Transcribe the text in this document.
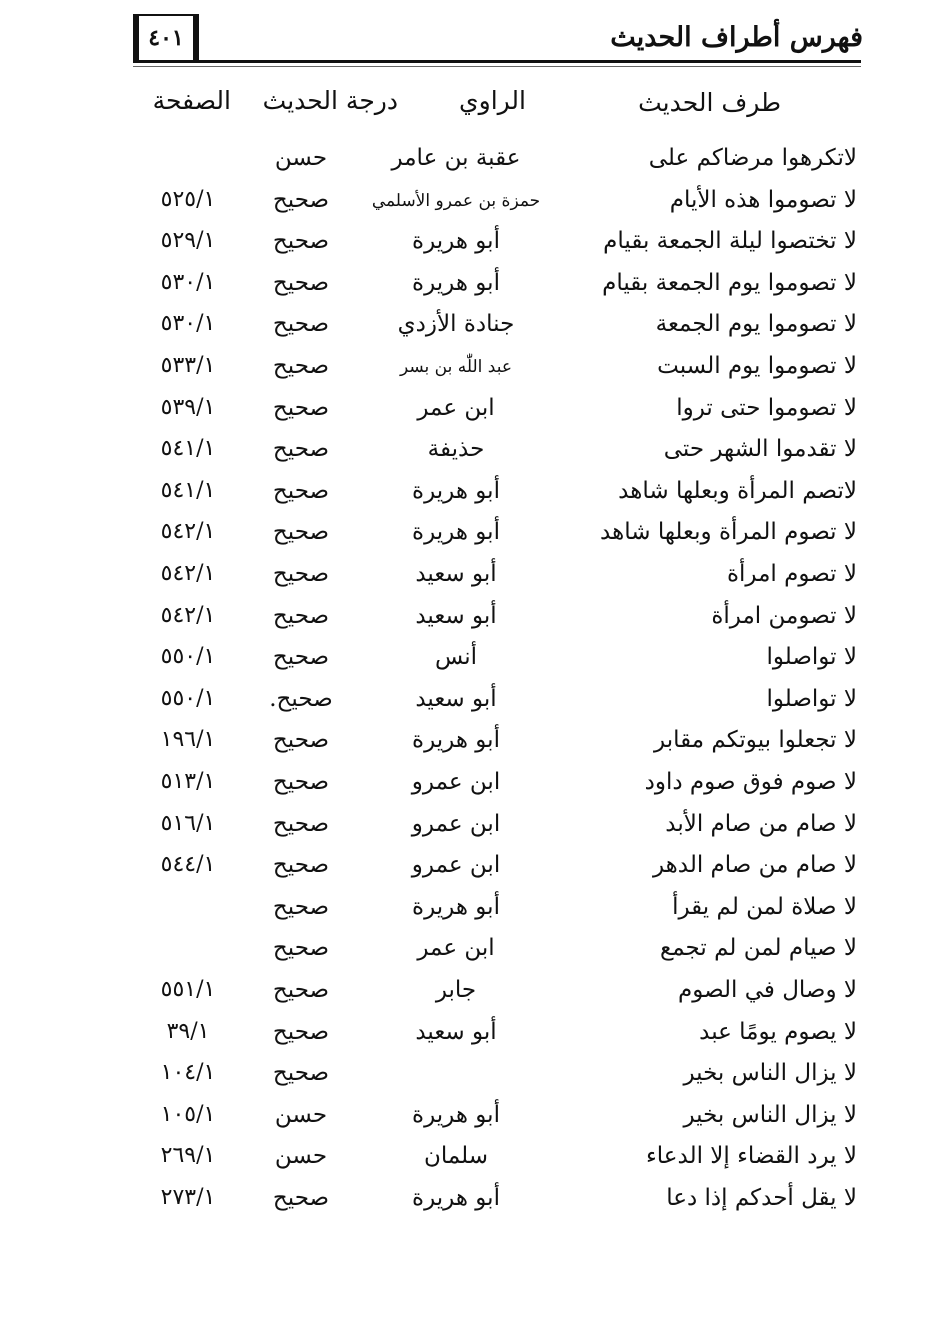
فهرس أطراف الحديث
٤٠١
طرف الحديث
الراوي
درجة الحديث
الصفحة
لاتكرهوا مرضاكم على
عقبة بن عامر
حسن
لا تصوموا هذه الأيام
حمزة بن عمرو الأسلمي
صحيح
٥٢٥/١
لا تختصوا ليلة الجمعة بقيام
أبو هريرة
صحيح
٥٢٩/١
لا تصوموا يوم الجمعة بقيام
أبو هريرة
صحيح
٥٣٠/١
لا تصوموا يوم الجمعة
جنادة الأزدي
صحيح
٥٣٠/١
لا تصوموا يوم السبت
عبد اللّٰه بن بسر
صحيح
٥٣٣/١
لا تصوموا حتى تروا
ابن عمر
صحيح
٥٣٩/١
لا تقدموا الشهر حتى
حذيفة
صحيح
٥٤١/١
لاتصم المرأة وبعلها شاهد
أبو هريرة
صحيح
٥٤١/١
لا تصوم المرأة وبعلها شاهد
أبو هريرة
صحيح
٥٤٢/١
لا تصوم امرأة
أبو سعيد
صحيح
٥٤٢/١
لا تصومن امرأة
أبو سعيد
صحيح
٥٤٢/١
لا تواصلوا
أنس
صحيح
٥٥٠/١
لا تواصلوا
أبو سعيد
صحيح.
٥٥٠/١
لا تجعلوا بيوتكم مقابر
أبو هريرة
صحيح
١٩٦/١
لا صوم فوق صوم داود
ابن عمرو
صحيح
٥١٣/١
لا صام من صام الأبد
ابن عمرو
صحيح
٥١٦/١
لا صام من صام الدهر
ابن عمرو
صحيح
٥٤٤/١
لا صلاة لمن لم يقرأ
أبو هريرة
صحيح
لا صيام لمن لم تجمع
ابن عمر
صحيح
لا وصال في الصوم
جابر
صحيح
٥٥١/١
لا يصوم يومًا عبد
أبو سعيد
صحيح
٣٩/١
لا يزال الناس بخير
صحيح
١٠٤/١
لا يزال الناس بخير
أبو هريرة
حسن
١٠٥/١
لا يرد القضاء إلا الدعاء
سلمان
حسن
٢٦٩/١
لا يقل أحدكم إذا دعا
أبو هريرة
صحيح
٢٧٣/١
